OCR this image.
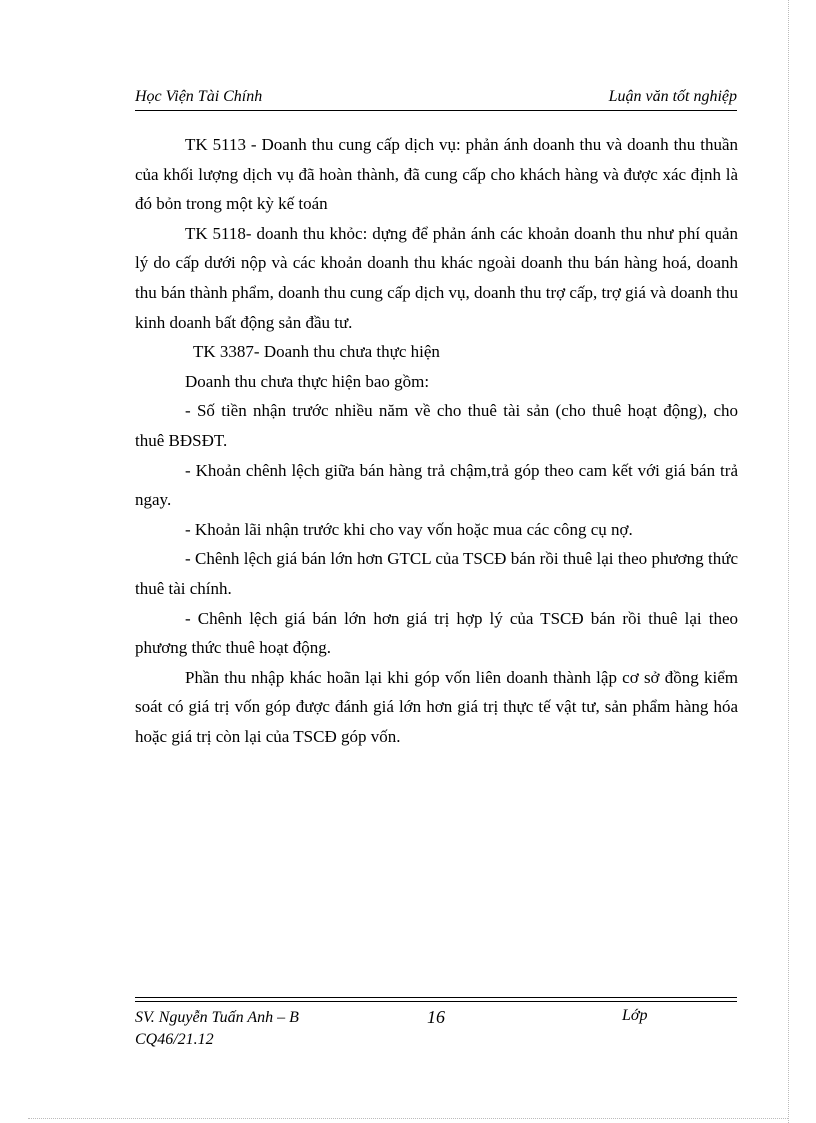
Học Viện Tài Chính	Luận văn tốt nghiệp

TK 5113 - Doanh thu cung cấp dịch vụ: phản ánh doanh thu và doanh thu thuần của khối lượng dịch vụ đã hoàn thành, đã cung cấp cho khách hàng và được xác định là đó bỏn trong một kỳ kế toán

TK 5118- doanh thu khỏc: dựng để phản ánh các khoản doanh thu như phí quản lý do cấp dưới nộp và các khoản doanh thu khác ngoài doanh thu bán hàng hoá, doanh thu bán thành phẩm, doanh thu cung cấp dịch vụ, doanh thu trợ cấp, trợ giá và doanh thu kinh doanh bất động sản đầu tư.

TK 3387- Doanh thu chưa thực hiện

Doanh thu chưa thực hiện bao gồm:

- Số tiền nhận trước nhiều năm về cho thuê tài sản (cho thuê hoạt động), cho thuê BĐSĐT.

- Khoản chênh lệch giữa bán hàng trả chậm,trả góp theo cam kết với giá bán trả ngay.

- Khoản lãi nhận trước khi cho vay vốn hoặc mua các công cụ nợ.

- Chênh lệch giá bán lớn hơn GTCL của TSCĐ bán rồi thuê lại theo phương thức thuê tài chính.

- Chênh lệch giá bán lớn hơn giá trị hợp lý của TSCĐ bán rồi thuê lại theo phương thức thuê hoạt động.

Phần thu nhập khác hoãn lại khi góp vốn liên doanh thành lập cơ sở đồng kiểm soát có giá trị vốn góp được đánh giá lớn hơn giá trị thực tế vật tư, sản phẩm hàng hóa hoặc giá trị còn lại của TSCĐ góp vốn.

SV. Nguyễn Tuấn Anh – B CQ46/21.12
16	Lớp
